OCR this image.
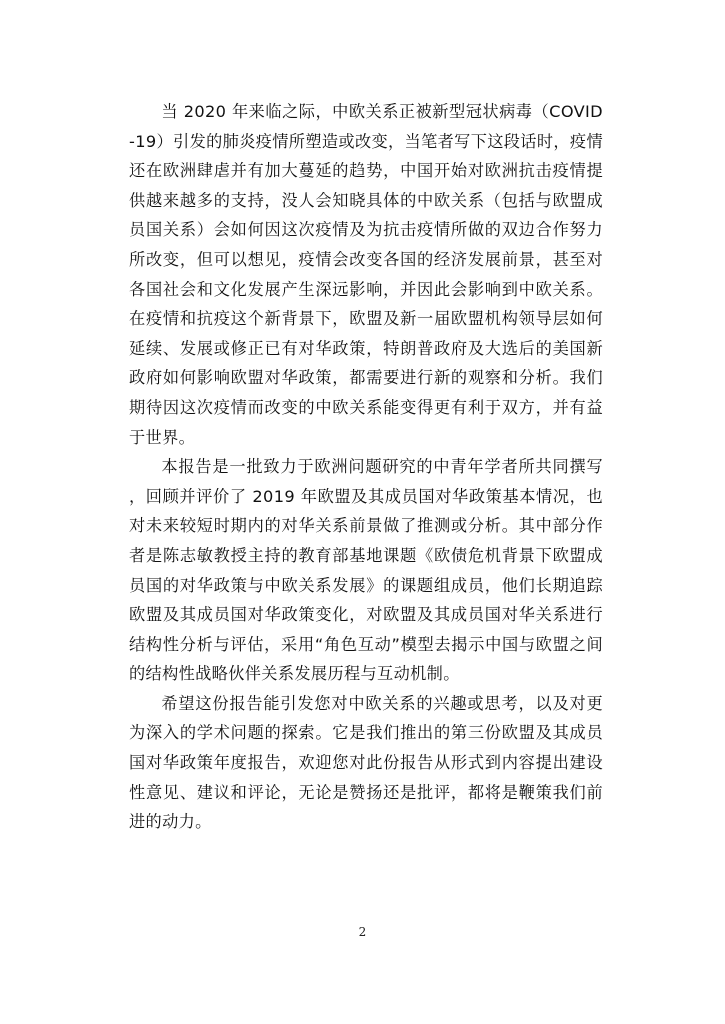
当 2020 年来临之际，中欧关系正被新型冠状病毒（COVID-19）引发的肺炎疫情所塑造或改变，当笔者写下这段话时，疫情还在欧洲肆虐并有加大蔓延的趋势，中国开始对欧洲抗击疫情提供越来越多的支持，没人会知晓具体的中欧关系（包括与欧盟成员国关系）会如何因这次疫情及为抗击疫情所做的双边合作努力所改变，但可以想见，疫情会改变各国的经济发展前景，甚至对各国社会和文化发展产生深远影响，并因此会影响到中欧关系。在疫情和抗疫这个新背景下，欧盟及新一届欧盟机构领导层如何延续、发展或修正已有对华政策，特朗普政府及大选后的美国新政府如何影响欧盟对华政策，都需要进行新的观察和分析。我们期待因这次疫情而改变的中欧关系能变得更有利于双方，并有益于世界。

本报告是一批致力于欧洲问题研究的中青年学者所共同撰写，回顾并评价了 2019 年欧盟及其成员国对华政策基本情况，也对未来较短时期内的对华关系前景做了推测或分析。其中部分作者是陈志敏教授主持的教育部基地课题《欧债危机背景下欧盟成员国的对华政策与中欧关系发展》的课题组成员，他们长期追踪欧盟及其成员国对华政策变化，对欧盟及其成员国对华关系进行结构性分析与评估，采用“角色互动”模型去揭示中国与欧盟之间的结构性战略伙伴关系发展历程与互动机制。

希望这份报告能引发您对中欧关系的兴趣或思考，以及对更为深入的学术问题的探索。它是我们推出的第三份欧盟及其成员国对华政策年度报告，欢迎您对此份报告从形式到内容提出建设性意见、建议和评论，无论是赞扬还是批评，都将是鞭策我们前进的动力。

2
